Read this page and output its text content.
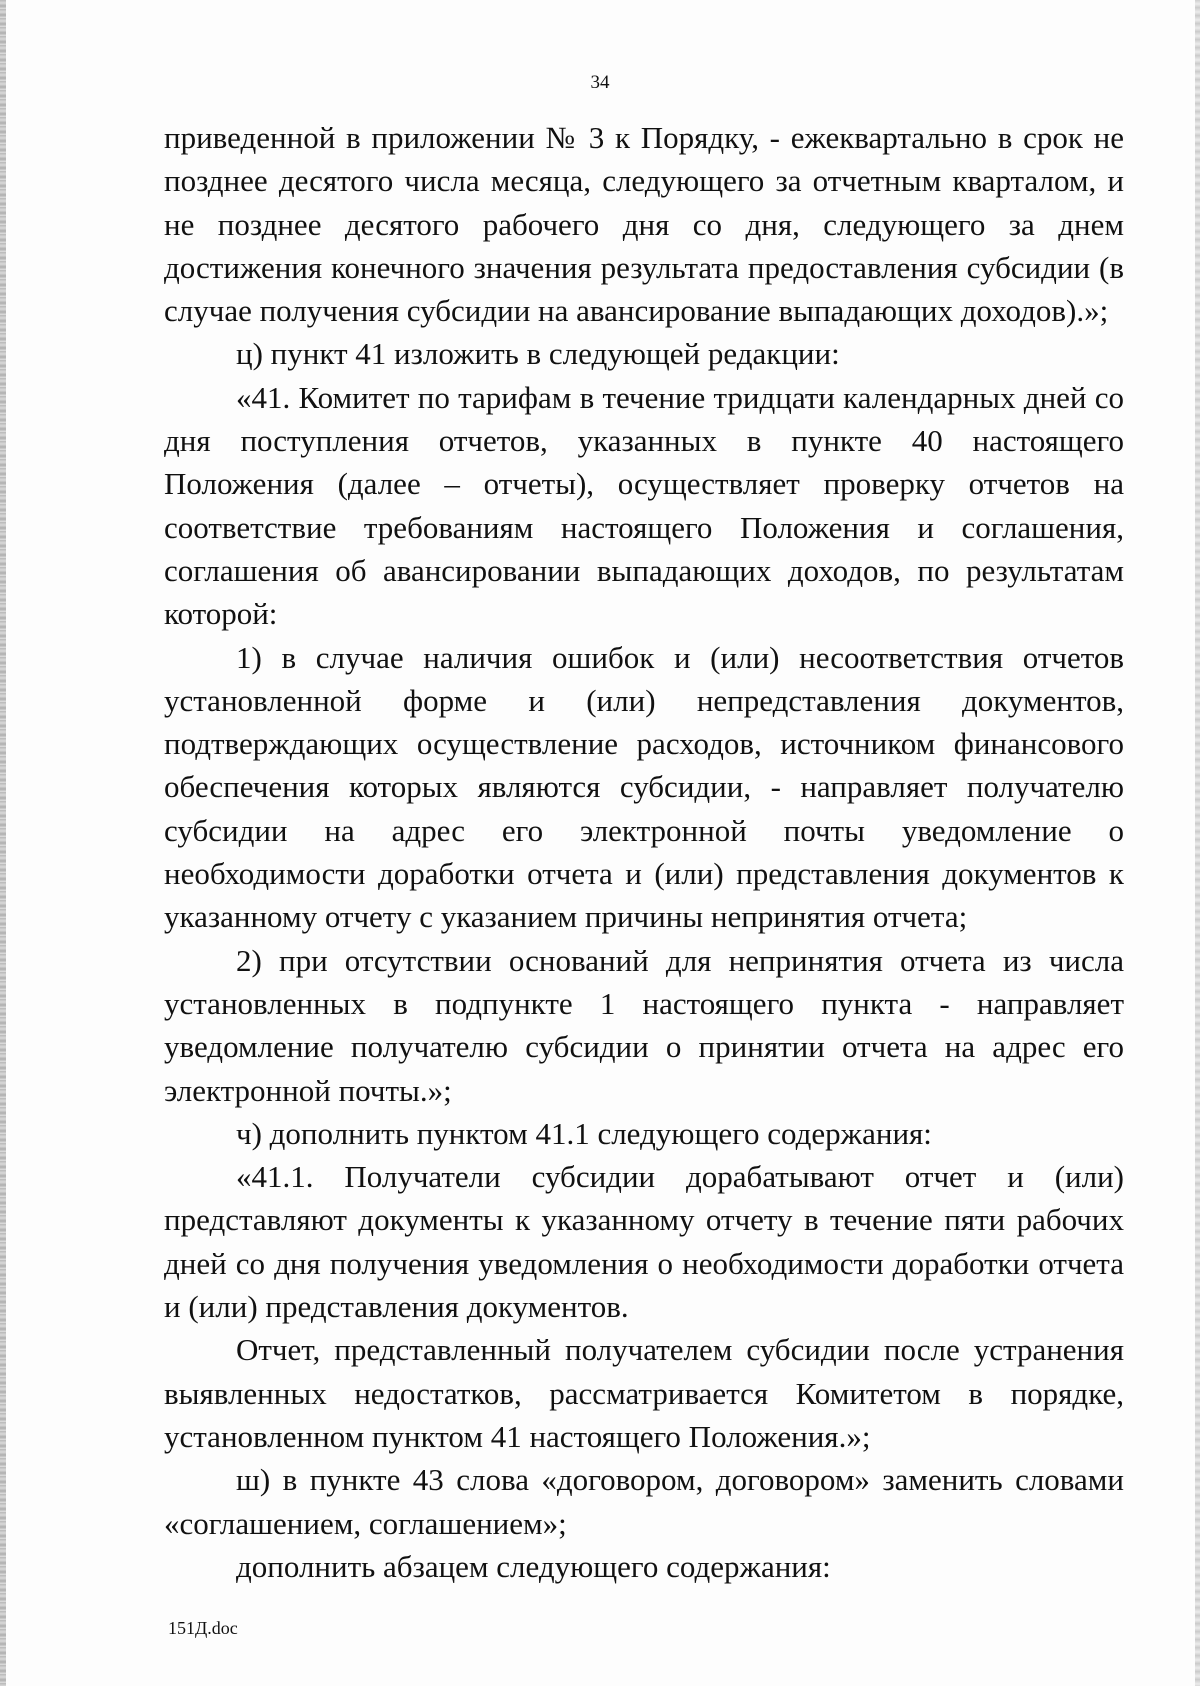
34

приведенной в приложении № 3 к Порядку, - ежеквартально в срок не позднее десятого числа месяца, следующего за отчетным кварталом, и не позднее десятого рабочего дня со дня, следующего за днем достижения конечного значения результата предоставления субсидии (в случае получения субсидии на авансирование выпадающих доходов).»;

ц) пункт 41 изложить в следующей редакции:

«41. Комитет по тарифам в течение тридцати календарных дней со дня поступления отчетов, указанных в пункте 40 настоящего Положения (далее – отчеты), осуществляет проверку отчетов на соответствие требованиям настоящего Положения и соглашения, соглашения об авансировании выпадающих доходов, по результатам которой:

1) в случае наличия ошибок и (или) несоответствия отчетов установленной форме и (или) непредставления документов, подтверждающих осуществление расходов, источником финансового обеспечения которых являются субсидии, - направляет получателю субсидии на адрес его электронной почты уведомление о необходимости доработки отчета и (или) представления документов к указанному отчету с указанием причины непринятия отчета;

2) при отсутствии оснований для непринятия отчета из числа установленных в подпункте 1 настоящего пункта - направляет уведомление получателю субсидии о принятии отчета на адрес его электронной почты.»;

ч) дополнить пунктом 41.1 следующего содержания:

«41.1. Получатели субсидии дорабатывают отчет и (или) представляют документы к указанному отчету в течение пяти рабочих дней со дня получения уведомления о необходимости доработки отчета и (или) представления документов.

Отчет, представленный получателем субсидии после устранения выявленных недостатков, рассматривается Комитетом в порядке, установленном пунктом 41 настоящего Положения.»;

ш) в пункте 43 слова «договором, договором» заменить словами «соглашением, соглашением»;

дополнить абзацем следующего содержания:

151Д.doc
